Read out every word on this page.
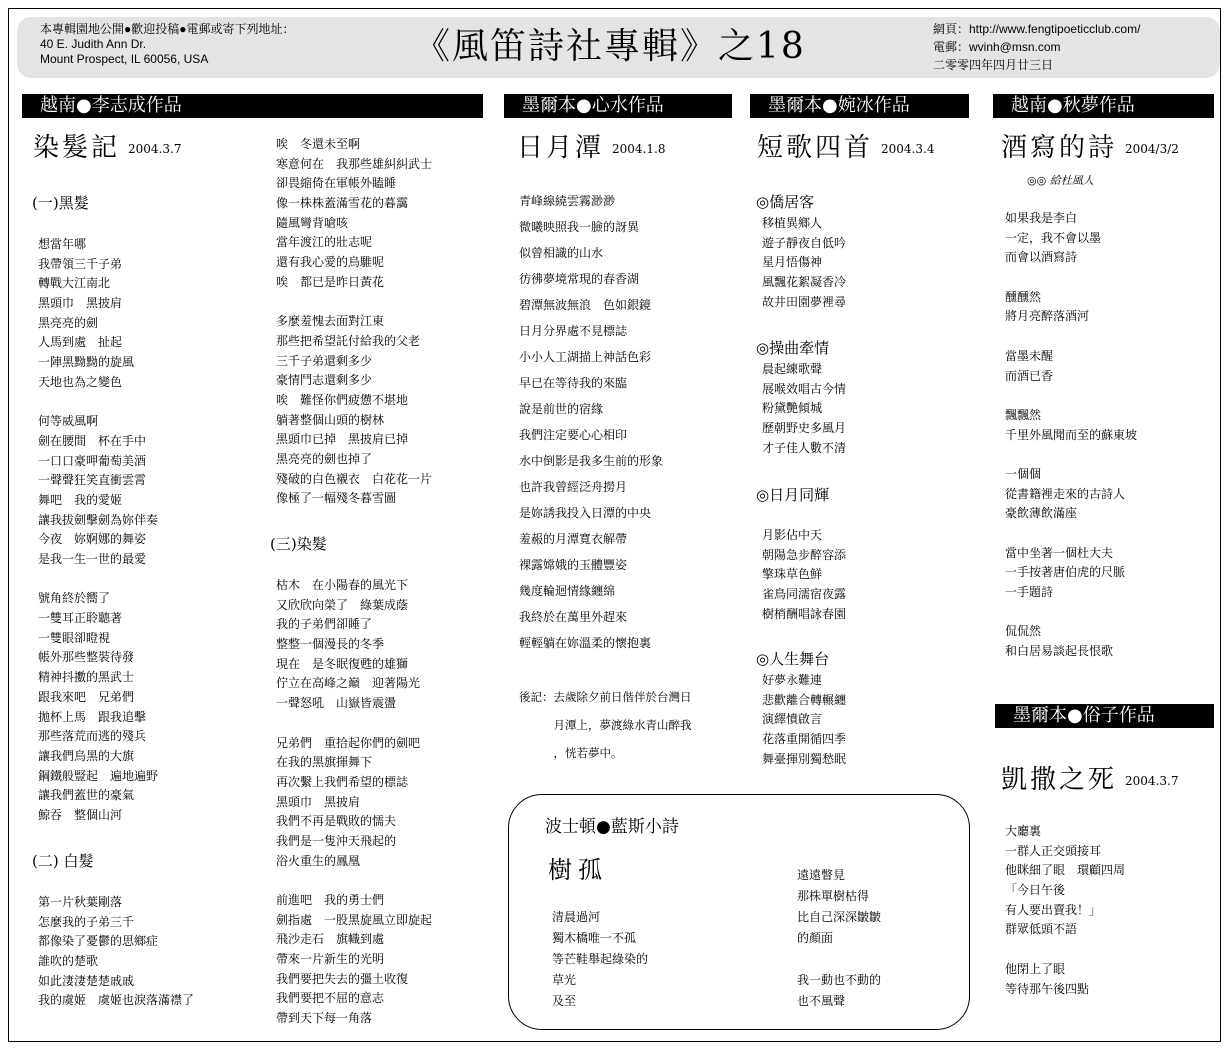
本專輯園地公開●歡迎投稿●電郵或寄下列地址：
40 E. Judith Ann Dr.
Mount Prospect, IL 60056, USA	《風笛詩社專輯》之18	網頁：http://www.fengtipoeticclub.com/
電郵：wvinh@msn.com
二零零四年四月廿三日
越南●李志成作品
染髮記 2004.3.7
(一)黑髮
想當年哪
我帶領三千子弟
轉戰大江南北
黑頭巾　黑披肩
黑亮亮的劍
人馬到處　扯起
一陣黑黝黝的旋風
天地也為之變色
何等威風啊
劍在腰間　杯在手中
一口口豪呷葡萄美酒
一聲聲狂笑直衝雲霄
舞吧　我的愛姬
讓我拔劍擊劍為妳伴奏
今夜　妳婀娜的舞姿
是我一生一世的最愛
號角終於嚮了
一雙耳正聆聽著
一雙眼卻瞪視
帳外那些整裝待發
精神抖擻的黑武士
跟我來吧　兄弟們
拋杯上馬　跟我追擊
那些落荒而逃的殘兵
讓我們烏黑的大旗
鋼鐵般豎起　遍地遍野
讓我們蓋世的豪氣
鯨吞　整個山河
(二) 白髮
第一片秋葉剛落
怎麼我的子弟三千
都像染了憂鬱的思鄉症
誰吹的楚歌
如此淒淒楚楚戚戚
我的虞姬　虞姬也淚落滿襟了
唉　冬還未至啊
寒意何在　我那些雄糾糾武士
卻畏縮倚在軍帳外瞌睡
像一株株蓋滿雪花的暮靄
隨風彎背嗆咳
當年渡江的壯志呢
還有我心愛的烏騅呢
唉　都已是昨日黃花
多麼羞愧去面對江東
那些把希望託付給我的父老
三千子弟還剩多少
豪情鬥志還剩多少
唉　難怪你們疲憊不堪地
躺著整個山頭的樹林
黑頭巾已掉　黑披肩已掉
黑亮亮的劍也掉了
殘破的白色襯衣　白花花一片
像極了一幅殘冬暮雪圖
(三)染髮
枯木　在小陽春的風光下
又欣欣向榮了　綠葉成蔭
我的子弟們卻睡了
整整一個漫長的冬季
現在　是冬眠復甦的雄獅
佇立在高峰之巔　迎著陽光
一聲怒吼　山嶽皆震盪
兄弟們　重拾起你們的劍吧
在我的黑旗揮舞下
再次繫上我們希望的標誌
黑頭巾　黑披肩
我們不再是戰敗的懦夫
我們是一隻沖天飛起的
浴火重生的鳳凰
前進吧　我的勇士們
劍指處　一股黑旋風立即旋起
飛沙走石　旗幟到處
帶來一片新生的光明
我們要把失去的彊土收復
我們要把不屈的意志
帶到天下每一角落
墨爾本●心水作品
日月潭 2004.1.8
青峰線繞雲霧渺渺
微曦映照我一臉的訝異
似曾相識的山水
彷彿夢境常現的春香湖
碧潭無波無浪　色如銀鏡
日月分界處不見標誌
小小人工湖描上神話色彩
早已在等待我的來臨
說是前世的宿緣
我們注定要心心相印
水中倒影是我多生前的形象
也許我曾經泛舟撈月
是妳誘我投入日潭的中央
羞赧的月潭寬衣解帶
裸露嫦娥的玉體豐姿
幾度輪迴情緣纏綿
我終於在萬里外趕來
輕輕躺在妳溫柔的懷抱裏
後記：去歲除夕前日偕伴於台灣日
　　　月潭上，夢渡綠水青山醉我
　　　，恍若夢中。
墨爾本●婉冰作品
短歌四首 2004.3.4
◎僑居客
移植異鄉人
遊子靜夜自低吟
星月悟傷神
風飄花絮凝香冷
故井田園夢裡尋
◎操曲牽情
晨起練歌聲
展喉效唱古今情
粉黛艷傾城
歷朝野史多風月
才子佳人數不清
◎日月同輝
月影佔中天
朝陽急步醉容添
擎珠草色鮮
雀鳥同濡宿夜露
樹梢酬唱詠春園
◎人生舞台
好夢永難連
悲歡離合轉輾纏
演繹憤啟言
花落重開循四季
舞臺揮別獨愁眠
越南●秋夢作品
酒寫的詩 2004/3/2
◎◎ 給杜風人
如果我是李白
一定，我不會以墨
而會以酒寫詩
醺醺然
將月亮醉落酒河
當墨未醒
而酒已香
飄飄然
千里外風聞而至的蘇東坡
一個個
從書籍裡走來的古詩人
豪飲薄飲滿座
當中坐著一個杜大夫
一手按著唐伯虎的尺脈
一手題詩
侃侃然
和白居易談起長恨歌
墨爾本●俗子作品
凱撒之死 2004.3.7
大廳裏
一群人正交頭接耳
他眯細了眼　環顧四周
「今日午後
有人要出賣我！」
群眾低頭不語
他閉上了眼
等待那午後四點
波士頓●藍斯小詩
樹孤
清晨過河
獨木橋唯一不孤
等芒鞋舉起綠染的
草光
及至
遠遠瞥見
那株單樹枯得
比自己深深皺皺
的顏面
我一動也不動的
也不風聲
